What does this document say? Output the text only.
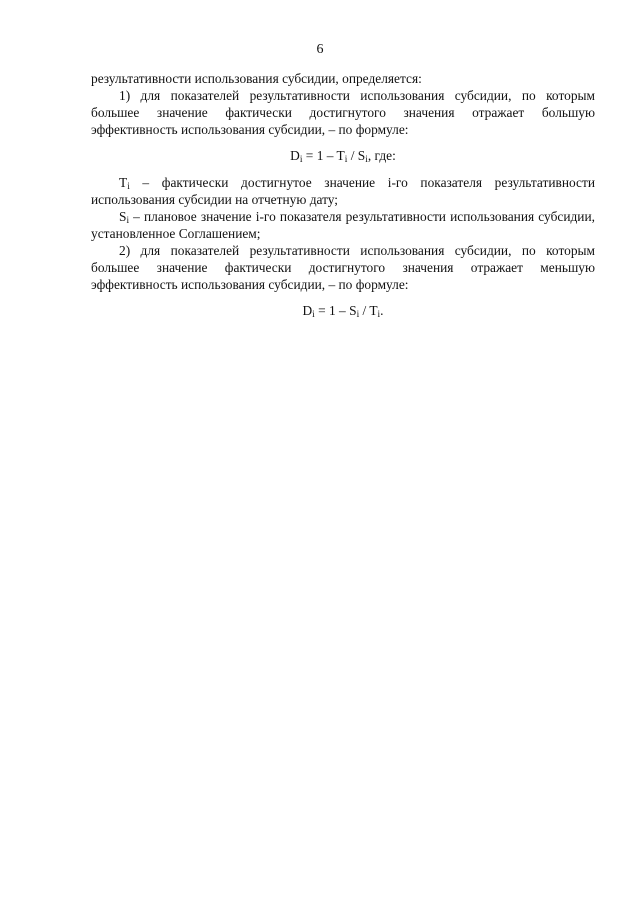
6

результативности использования субсидии, определяется:

1) для показателей результативности использования субсидии, по которым большее значение фактически достигнутого значения отражает большую эффективность использования субсидии, – по формуле:

$D_i = 1 - T_i / S_i$, где:

$T_i$ – фактически достигнутое значение i-го показателя результативности использования субсидии на отчетную дату;

$S_i$ – плановое значение i-го показателя результативности использования субсидии, установленное Соглашением;

2) для показателей результативности использования субсидии, по которым большее значение фактически достигнутого значения отражает меньшую эффективность использования субсидии, – по формуле:

$D_i = 1 - S_i / T_i$.
